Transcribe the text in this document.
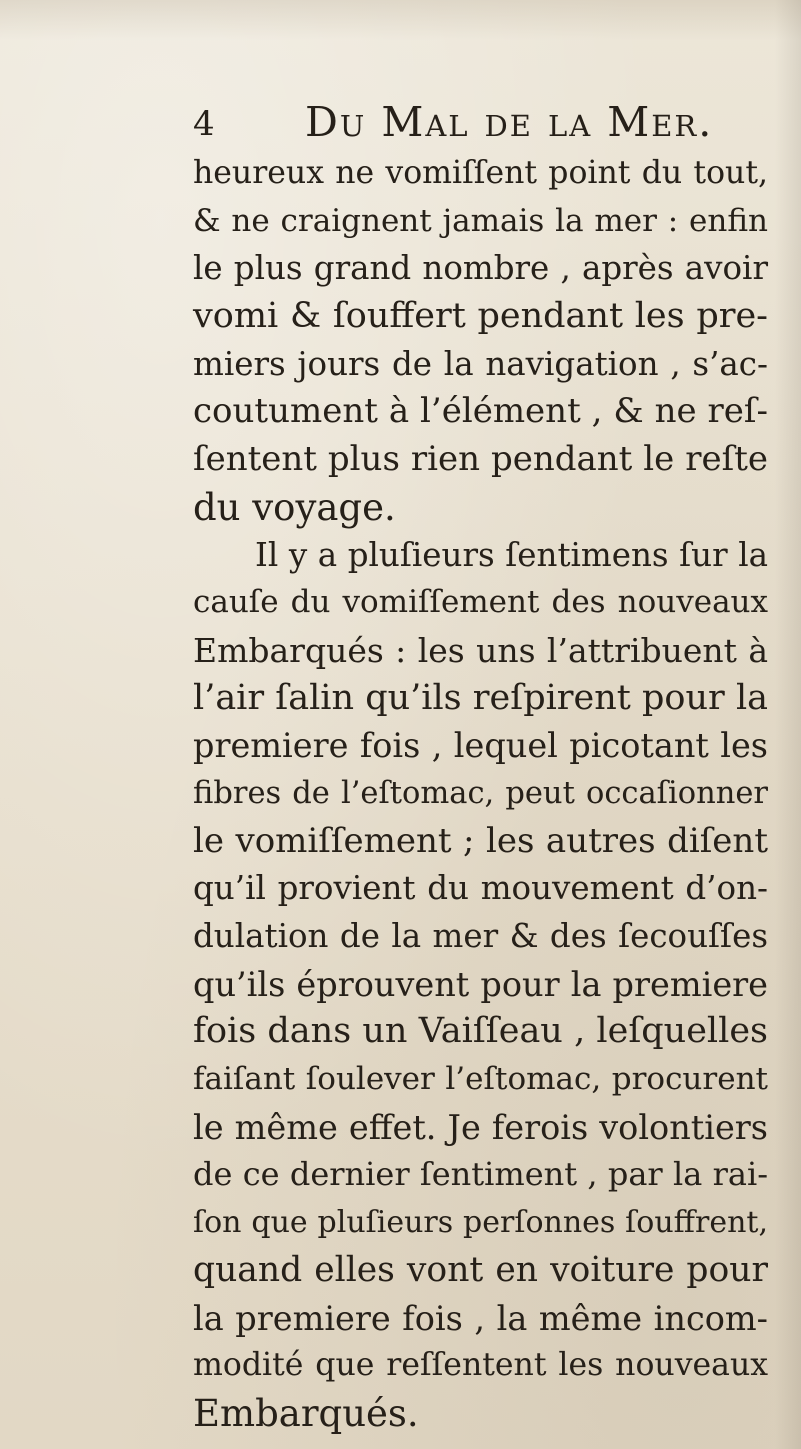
4 Du Mal de la Mer.
heureux ne vomiſſent point du tout,
& ne craignent jamais la mer : enfin
le plus grand nombre , après avoir
vomi & ſouffert pendant les pre-
miers jours de la navigation , s’ac-
coutument à l’élément , & ne reſ-
ſentent plus rien pendant le reſte
du voyage.
Il y a pluſieurs ſentimens ſur la
cauſe du vomiſſement des nouveaux
Embarqués : les uns l’attribuent à
l’air ſalin qu’ils reſpirent pour la
premiere fois , lequel picotant les
fibres de l’eſtomac, peut occaſionner
le vomiſſement ; les autres diſent
qu’il provient du mouvement d’on-
dulation de la mer & des ſecouſſes
qu’ils éprouvent pour la premiere
fois dans un Vaiſſeau , leſquelles
faiſant ſoulever l’eſtomac, procurent
le même effet. Je ferois volontiers
de ce dernier ſentiment , par la rai-
ſon que pluſieurs perſonnes ſouffrent,
quand elles vont en voiture pour
la premiere fois , la même incom-
modité que reſſentent les nouveaux
Embarqués.
